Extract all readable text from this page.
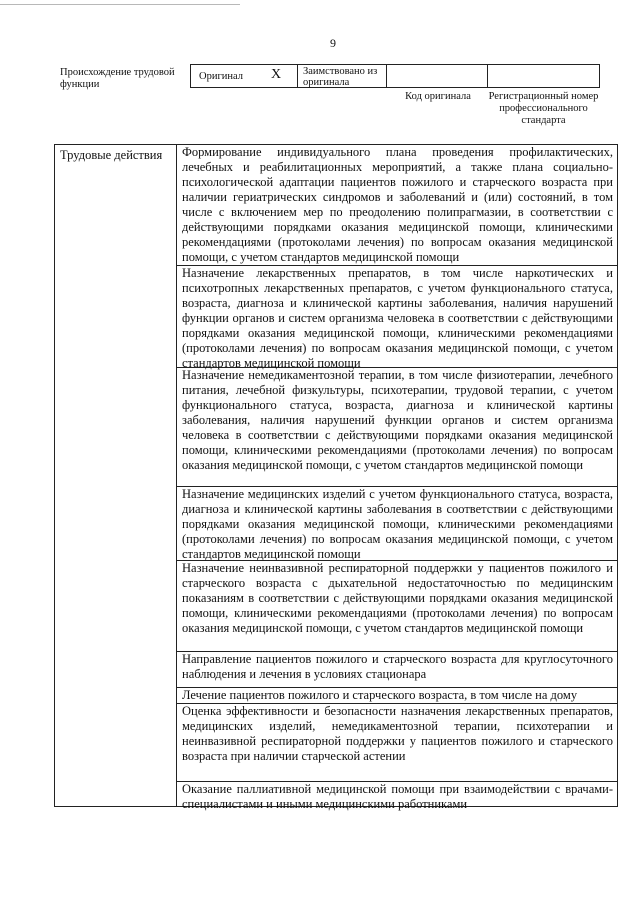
9
Происхождение трудовой функции
Оригинал	X	Заимствовано из оригинала
Код оригинала	Регистрационный номер профессионального стандарта
Трудовые действия	Формирование индивидуального плана проведения профилактических, лечебных и реабилитационных мероприятий, а также плана социально-психологической адаптации пациентов пожилого и старческого возраста при наличии гериатрических синдромов и заболеваний и (или) состояний, в том числе с включением мер по преодолению полипрагмазии, в соответствии с действующими порядками оказания медицинской помощи, клиническими рекомендациями (протоколами лечения) по вопросам оказания медицинской помощи, с учетом стандартов медицинской помощи
Назначение лекарственных препаратов, в том числе наркотических и психотропных лекарственных препаратов, с учетом функционального статуса, возраста, диагноза и клинической картины заболевания, наличия нарушений функции органов и систем организма человека в соответствии с действующими порядками оказания медицинской помощи, клиническими рекомендациями (протоколами лечения) по вопросам оказания медицинской помощи, с учетом стандартов медицинской помощи
Назначение немедикаментозной терапии, в том числе физиотерапии, лечебного питания, лечебной физкультуры, психотерапии, трудовой терапии, с учетом функционального статуса, возраста, диагноза и клинической картины заболевания, наличия нарушений функции органов и систем организма человека в соответствии с действующими порядками оказания медицинской помощи, клиническими рекомендациями (протоколами лечения) по вопросам оказания медицинской помощи, с учетом стандартов медицинской помощи
Назначение медицинских изделий с учетом функционального статуса, возраста, диагноза и клинической картины заболевания в соответствии с действующими порядками оказания медицинской помощи, клиническими рекомендациями (протоколами лечения) по вопросам оказания медицинской помощи, с учетом стандартов медицинской помощи
Назначение неинвазивной респираторной поддержки у пациентов пожилого и старческого возраста с дыхательной недостаточностью по медицинским показаниям в соответствии с действующими порядками оказания медицинской помощи, клиническими рекомендациями (протоколами лечения) по вопросам оказания медицинской помощи, с учетом стандартов медицинской помощи
Направление пациентов пожилого и старческого возраста для круглосуточного наблюдения и лечения в условиях стационара
Лечение пациентов пожилого и старческого возраста, в том числе на дому
Оценка эффективности и безопасности назначения лекарственных препаратов, медицинских изделий, немедикаментозной терапии, психотерапии и неинвазивной респираторной поддержки у пациентов пожилого и старческого возраста при наличии старческой астении
Оказание паллиативной медицинской помощи при взаимодействии с врачами-специалистами и иными медицинскими работниками
